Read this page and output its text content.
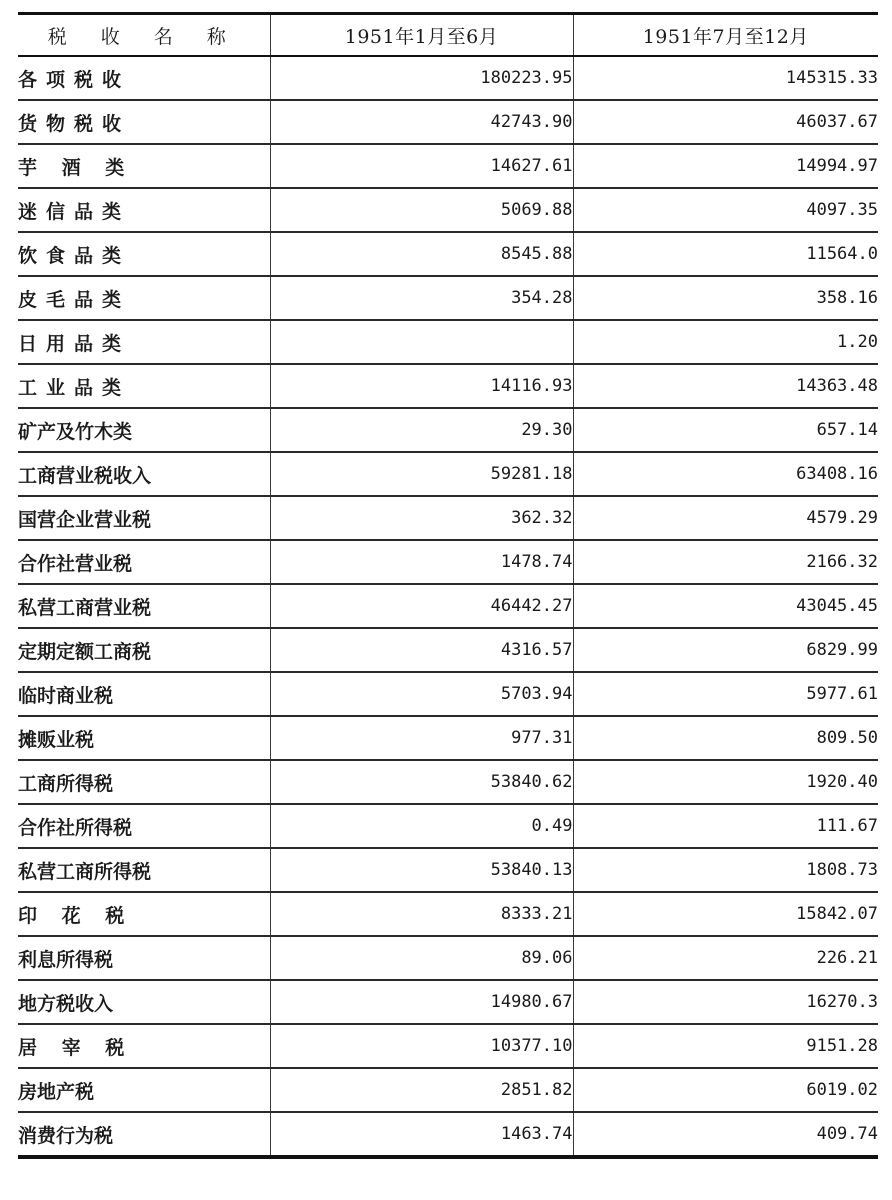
税 收 名 称	1951年1月至6月	1951年7月至12月
各项税收	180223.95	145315.33
货物税收	42743.90	46037.67
芋 酒 类	14627.61	14994.97
迷信品类	5069.88	4097.35
饮食品类	8545.88	11564.0
皮毛品类	354.28	358.16
日用品类		1.20
工业品类	14116.93	14363.48
矿产及竹木类	29.30	657.14
工商营业税收入	59281.18	63408.16
国营企业营业税	362.32	4579.29
合作社营业税	1478.74	2166.32
私营工商营业税	46442.27	43045.45
定期定额工商税	4316.57	6829.99
临时商业税	5703.94	5977.61
摊贩业税	977.31	809.50
工商所得税	53840.62	1920.40
合作社所得税	0.49	111.67
私营工商所得税	53840.13	1808.73
印 花 税	8333.21	15842.07
利息所得税	89.06	226.21
地方税收入	14980.67	16270.3
居 宰 税	10377.10	9151.28
房地产税	2851.82	6019.02
消费行为税	1463.74	409.74
